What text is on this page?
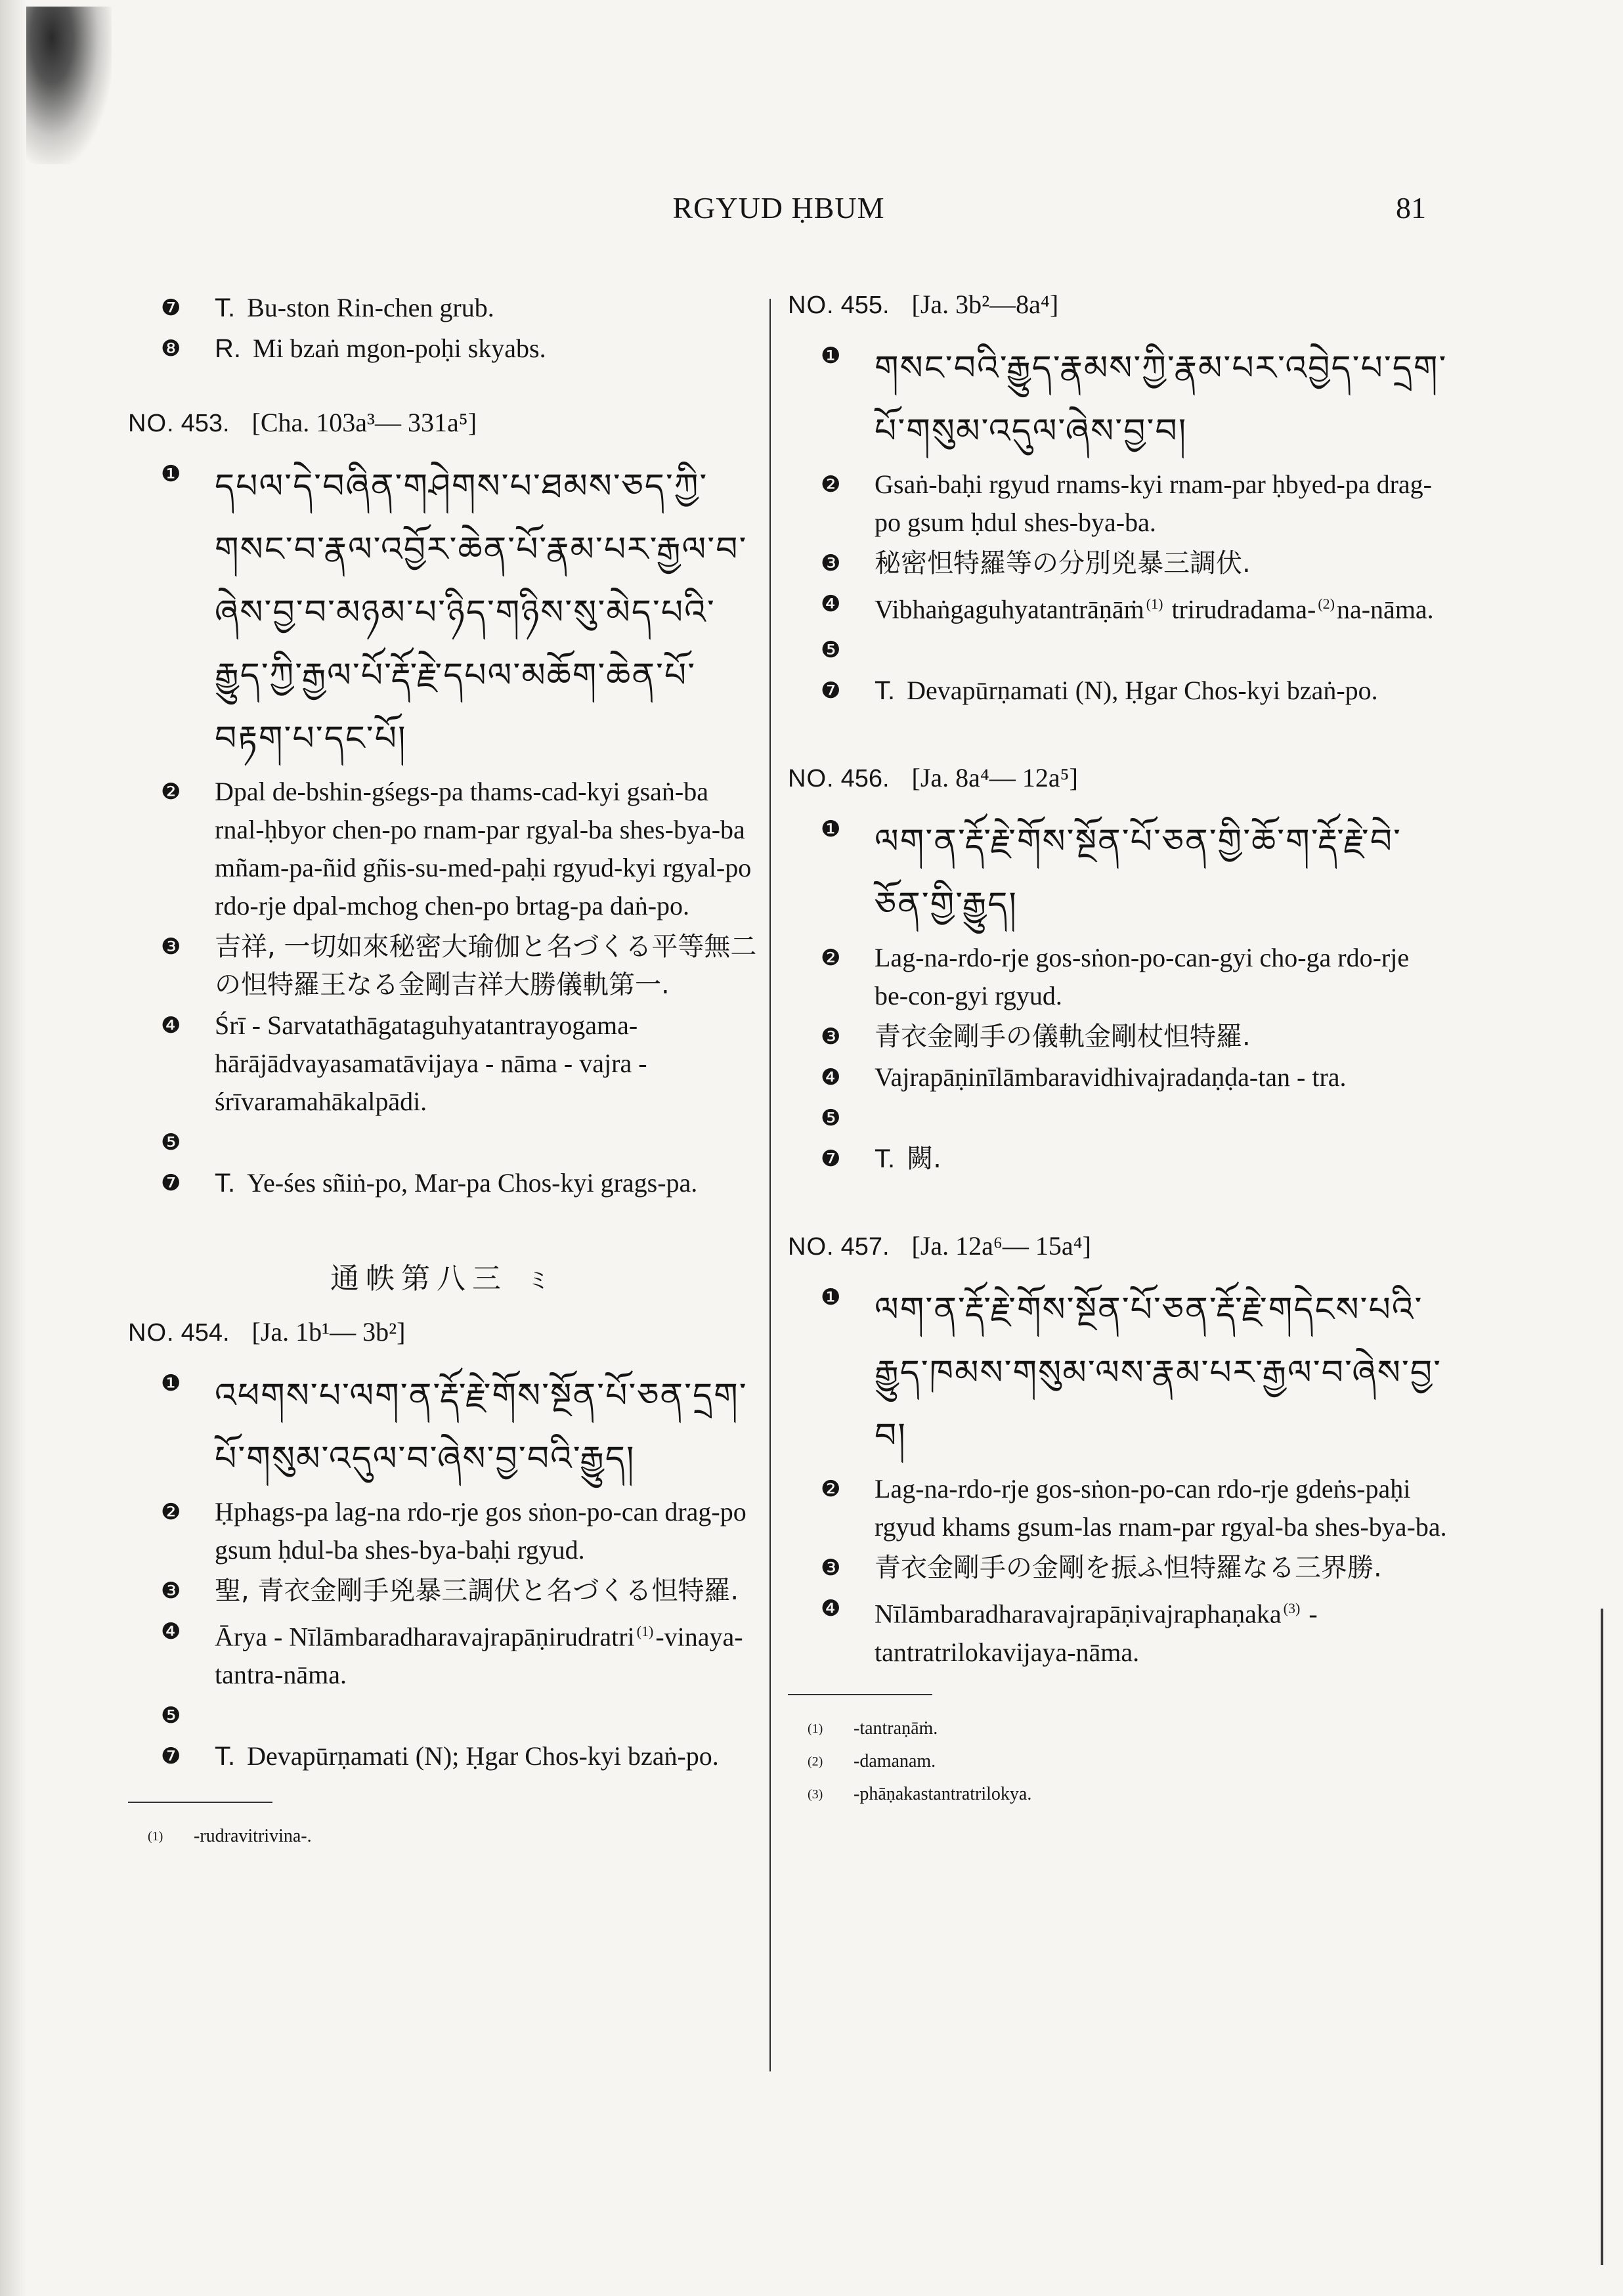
RGYUD ḤBUM	81
❼	T. Bu-ston Rin-chen grub.
❽	R. Mi bzaṅ mgon-poḥi skyabs.
NO. 453. [Cha. 103a³— 331a⁵]
❶ དཔལ་དེ་བཞིན་གཤེགས་པ་ཐམས་ཅད་ཀྱི་གསང་བ་རྣལ་འབྱོར་ཆེན་པོ་རྣམ་པར་རྒྱལ་བ་ཞེས་བྱ་བ་མཉམ་པ་ཉིད་གཉིས་སུ་མེད་པའི་རྒྱུད་ཀྱི་རྒྱལ་པོ་རྡོ་རྗེ་དཔལ་མཆོག་ཆེན་པོ་བརྟག་པ་དང་པོ།
❷	Dpal de-bshin-gśegs-pa thams-cad-kyi gsaṅ-ba rnal-ḥbyor chen-po rnam-par rgyal-ba shes-bya-ba mñam-pa-ñid gñis-su-med-paḥi rgyud-kyi rgyal-po rdo-rje dpal-mchog chen-po brtag-pa daṅ-po.
❸	吉祥, 一切如來秘密大瑜伽と名づくる平等無二の怛特羅王なる金剛吉祥大勝儀軌第一.
❹	Śrī - Sarvatathāgataguhyatantrayogama-hārājādvayasamatāvijaya - nāma - vajra - śrīvaramahākalpādi.
❺
❼	T. Ye-śes sñiṅ-po, Mar-pa Chos-kyi grags-pa.
通帙第八三 ミ
NO. 454. [Ja. 1b¹— 3b²]
❶ འཕགས་པ་ལག་ན་རྡོ་རྗེ་གོས་སྔོན་པོ་ཅན་དྲག་པོ་གསུམ་འདུལ་བ་ཞེས་བྱ་བའི་རྒྱུད།
❷	Ḥphags-pa lag-na rdo-rje gos sṅon-po-can drag-po gsum ḥdul-ba shes-bya-baḥi rgyud.
❸	聖, 青衣金剛手兇暴三調伏と名づくる怛特羅.
❹	Ārya - Nīlāmbaradharavajrapāṇirudratri $^{(1)}$-vinaya-tantra-nāma.
❺
❼	T. Devapūrṇamati (N); Ḥgar Chos-kyi bzaṅ-po.
(1)	-rudravitrivina-.
NO. 455. [Ja. 3b²—8a⁴]
❶ གསང་བའི་རྒྱུད་རྣམས་ཀྱི་རྣམ་པར་འབྱེད་པ་དྲག་པོ་གསུམ་འདུལ་ཞེས་བྱ་བ།
❷	Gsaṅ-baḥi rgyud rnams-kyi rnam-par ḥbyed-pa drag-po gsum ḥdul shes-bya-ba.
❸	秘密怛特羅等の分別兇暴三調伏.
❹	Vibhaṅgaguhyatantrāṇāṁ $^{(1)}$ trirudradama- $^{(2)}$na-nāma.
❺
❼	T. Devapūrṇamati (N), Ḥgar Chos-kyi bzaṅ-po.
NO. 456. [Ja. 8a⁴— 12a⁵]
❶ ལག་ན་རྡོ་རྗེ་གོས་སྔོན་པོ་ཅན་གྱི་ཆོ་ག་རྡོ་རྗེ་བེ་ཅོན་གྱི་རྒྱུད།
❷	Lag-na-rdo-rje gos-sṅon-po-can-gyi cho-ga rdo-rje be-con-gyi rgyud.
❸	青衣金剛手の儀軌金剛杖怛特羅.
❹	Vajrapāṇinīlāmbaravidhivajradaṇḍa-tan - tra.
❺
❼	T. 闕.
NO. 457. [Ja. 12a⁶— 15a⁴]
❶ ལག་ན་རྡོ་རྗེ་གོས་སྔོན་པོ་ཅན་རྡོ་རྗེ་གདེངས་པའི་རྒྱུད་ཁམས་གསུམ་ལས་རྣམ་པར་རྒྱལ་བ་ཞེས་བྱ་བ།
❷	Lag-na-rdo-rje gos-sṅon-po-can rdo-rje gdeṅs-paḥi rgyud khams gsum-las rnam-par rgyal-ba shes-bya-ba.
❸	青衣金剛手の金剛を振ふ怛特羅なる三界勝.
❹	Nīlāmbaradharavajrapāṇivajraphaṇaka $^{(3)}$ - tantratrilokavijaya-nāma.
(1)	-tantraṇāṁ.
(2)	-damanam.
(3)	-phāṇakastantratrilokya.
